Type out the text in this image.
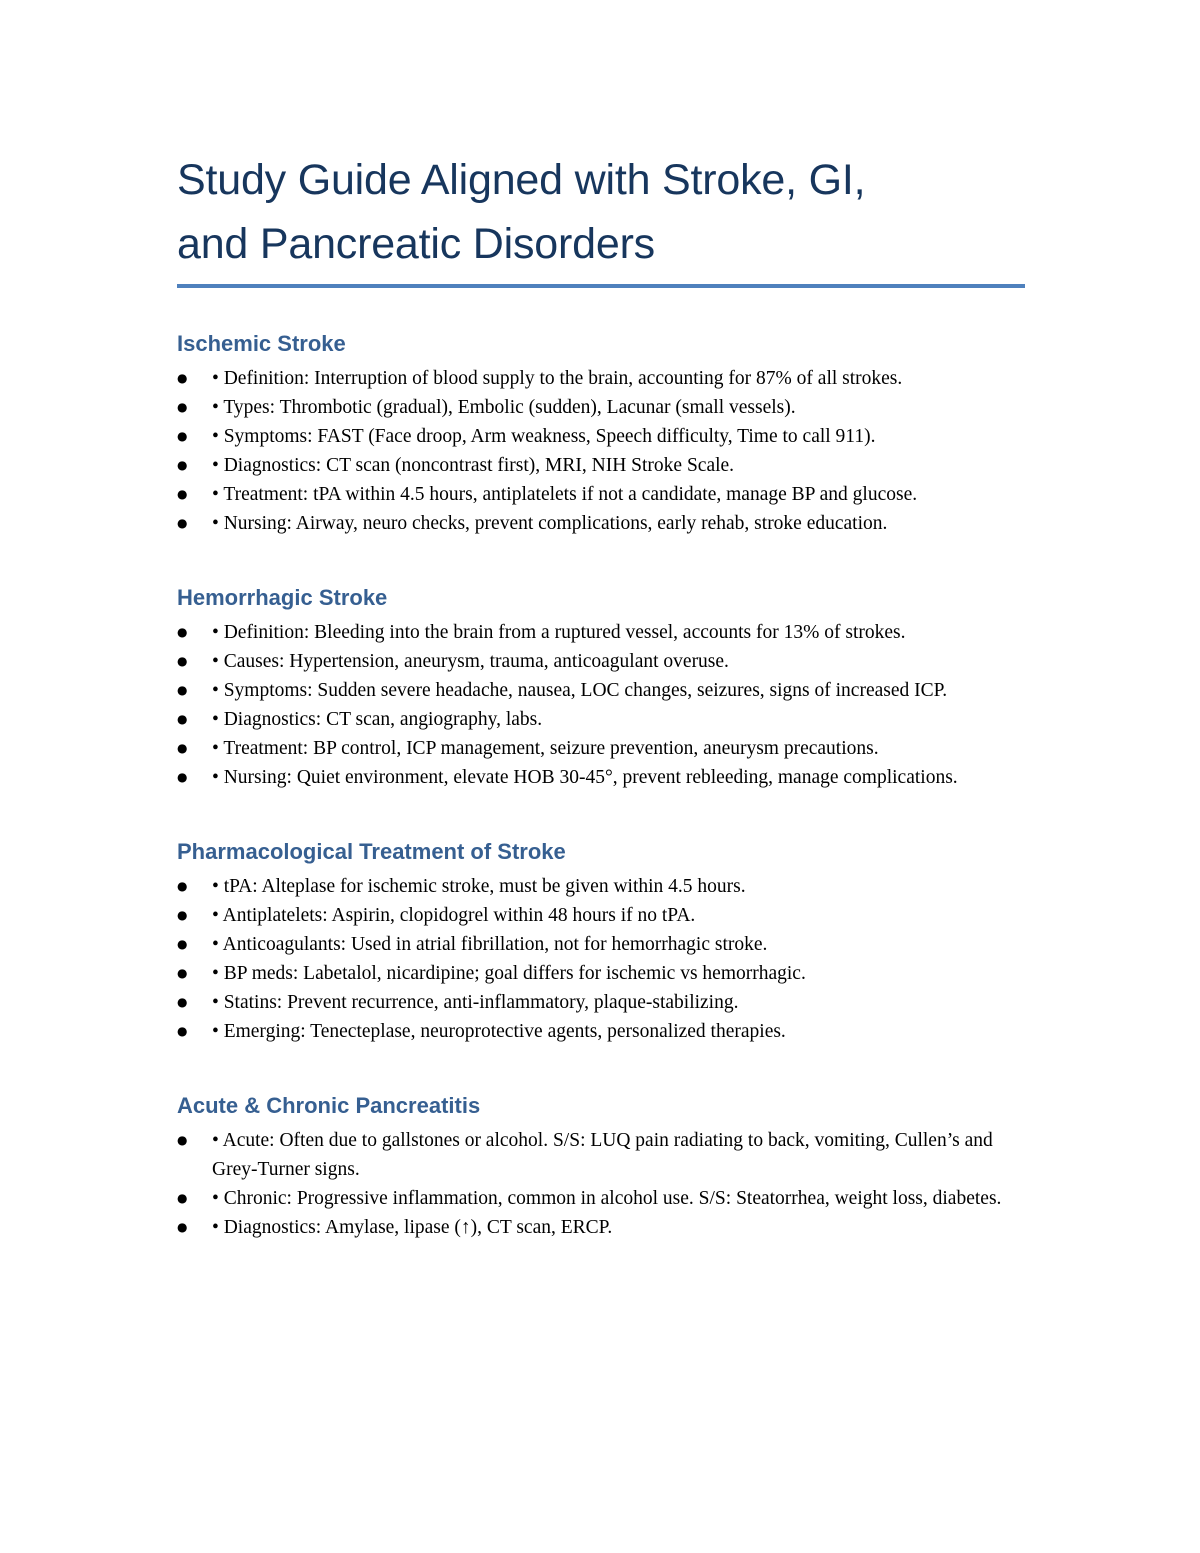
Study Guide Aligned with Stroke, GI,
and Pancreatic Disorders
Ischemic Stroke
● • Definition: Interruption of blood supply to the brain, accounting for 87% of all strokes.
● • Types: Thrombotic (gradual), Embolic (sudden), Lacunar (small vessels).
● • Symptoms: FAST (Face droop, Arm weakness, Speech difficulty, Time to call 911).
● • Diagnostics: CT scan (noncontrast first), MRI, NIH Stroke Scale.
● • Treatment: tPA within 4.5 hours, antiplatelets if not a candidate, manage BP and glucose.
● • Nursing: Airway, neuro checks, prevent complications, early rehab, stroke education.
Hemorrhagic Stroke
● • Definition: Bleeding into the brain from a ruptured vessel, accounts for 13% of strokes.
● • Causes: Hypertension, aneurysm, trauma, anticoagulant overuse.
● • Symptoms: Sudden severe headache, nausea, LOC changes, seizures, signs of increased ICP.
● • Diagnostics: CT scan, angiography, labs.
● • Treatment: BP control, ICP management, seizure prevention, aneurysm precautions.
● • Nursing: Quiet environment, elevate HOB 30-45°, prevent rebleeding, manage complications.
Pharmacological Treatment of Stroke
● • tPA: Alteplase for ischemic stroke, must be given within 4.5 hours.
● • Antiplatelets: Aspirin, clopidogrel within 48 hours if no tPA.
● • Anticoagulants: Used in atrial fibrillation, not for hemorrhagic stroke.
● • BP meds: Labetalol, nicardipine; goal differs for ischemic vs hemorrhagic.
● • Statins: Prevent recurrence, anti-inflammatory, plaque-stabilizing.
● • Emerging: Tenecteplase, neuroprotective agents, personalized therapies.
Acute & Chronic Pancreatitis
● • Acute: Often due to gallstones or alcohol. S/S: LUQ pain radiating to back, vomiting, Cullen’s and Grey-Turner signs.
● • Chronic: Progressive inflammation, common in alcohol use. S/S: Steatorrhea, weight loss, diabetes.
● • Diagnostics: Amylase, lipase (↑), CT scan, ERCP.
